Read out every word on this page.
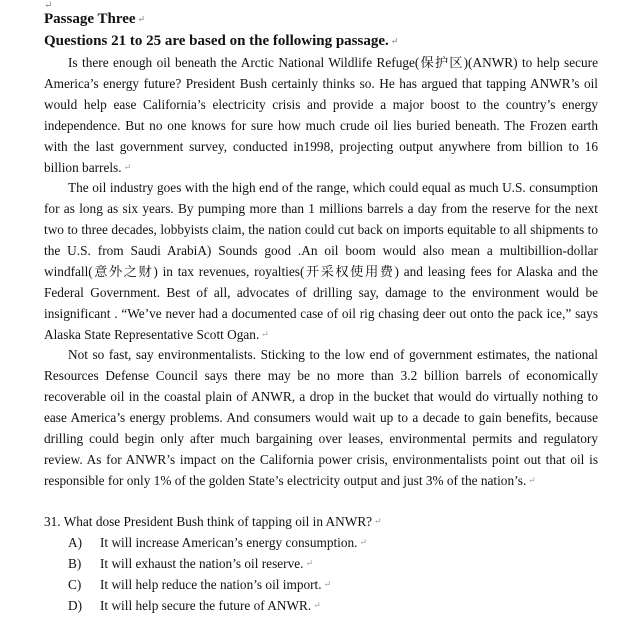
↵
Passage Three ↵
Questions 21 to 25 are based on the following passage. ↵
Is there enough oil beneath the Arctic National Wildlife Refuge(保护区)(ANWR) to help secure America’s energy future? President Bush certainly thinks so. He has argued that tapping ANWR’s oil would help ease California’s electricity crisis and provide a major boost to the country’s energy independence. But no one knows for sure how much crude oil lies buried beneath. The Frozen earth with the last government survey, conducted in1998, projecting output anywhere from billion to 16 billion barrels. ↵
The oil industry goes with the high end of the range, which could equal as much U.S. consumption for as long as six years. By pumping more than 1 millions barrels a day from the reserve for the next two to three decades, lobbyists claim, the nation could cut back on imports equitable to all shipments to the U.S. from Saudi ArabiA) Sounds good .An oil boom would also mean a multibillion-dollar windfall(意外之财) in tax revenues, royalties(开采权使用费) and leasing fees for Alaska and the Federal Government. Best of all, advocates of drilling say, damage to the environment would be insignificant . “We’ve never had a documented case of oil rig chasing deer out onto the pack ice,” says Alaska State Representative Scott Ogan. ↵
Not so fast, say environmentalists. Sticking to the low end of government estimates, the national Resources Defense Council says there may be no more than 3.2 billion barrels of economically recoverable oil in the coastal plain of ANWR, a drop in the bucket that would do virtually nothing to ease America’s energy problems. And consumers would wait up to a decade to gain benefits, because drilling could begin only after much bargaining over leases, environmental permits and regulatory review. As for ANWR’s impact on the California power crisis, environmentalists point out that oil is responsible for only 1% of the golden State’s electricity output and just 3% of the nation’s. ↵
31. What dose President Bush think of tapping oil in ANWR? ↵
A) It will increase American’s energy consumption. ↵
B) It will exhaust the nation’s oil reserve. ↵
C) It will help reduce the nation’s oil import. ↵
D) It will help secure the future of ANWR. ↵
